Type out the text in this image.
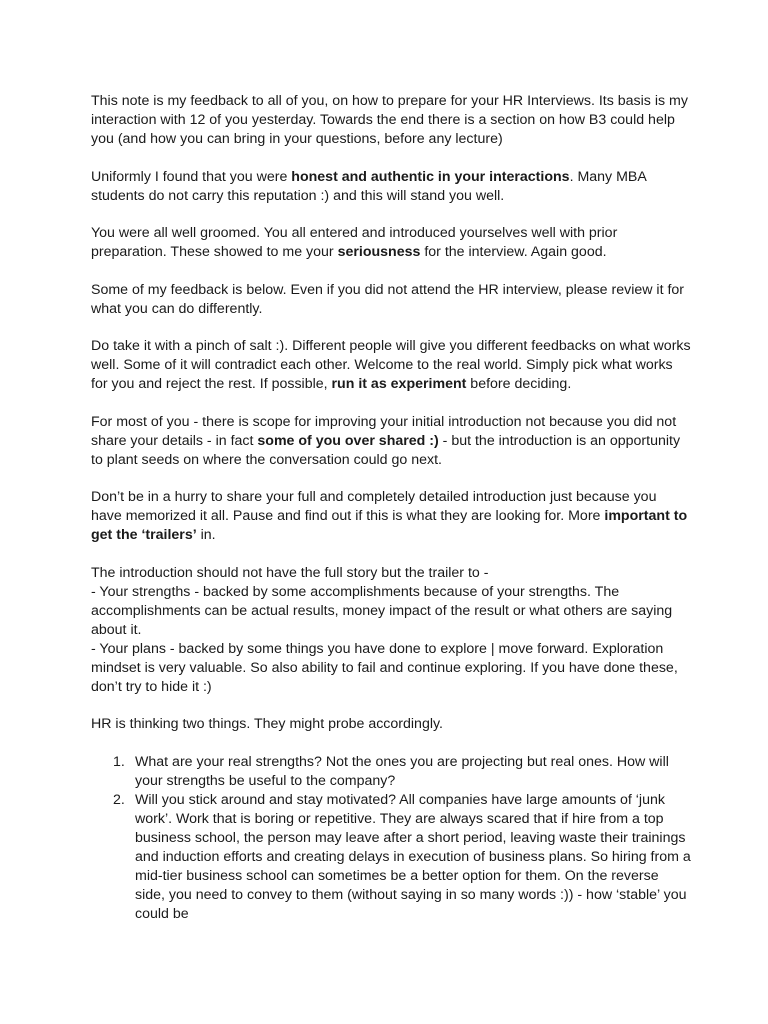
This note is my feedback to all of you, on how to prepare for your HR Interviews. Its basis is my interaction with 12 of you yesterday. Towards the end there is a section on how B3 could help you (and how you can bring in your questions, before any lecture)

Uniformly I found that you were honest and authentic in your interactions. Many MBA students do not carry this reputation :) and this will stand you well.

You were all well groomed. You all entered and introduced yourselves well with prior preparation. These showed to me your seriousness for the interview. Again good.

Some of my feedback is below. Even if you did not attend the HR interview, please review it for what you can do differently.

Do take it with a pinch of salt :). Different people will give you different feedbacks on what works well. Some of it will contradict each other. Welcome to the real world. Simply pick what works for you and reject the rest. If possible, run it as experiment before deciding.

For most of you - there is scope for improving your initial introduction not because you did not share your details - in fact some of you over shared :) - but the introduction is an opportunity to plant seeds on where the conversation could go next.

Don’t be in a hurry to share your full and completely detailed introduction just because you have memorized it all. Pause and find out if this is what they are looking for. More important to get the ‘trailers’ in.

The introduction should not have the full story but the trailer to -
- Your strengths - backed by some accomplishments because of your strengths. The accomplishments can be actual results, money impact of the result or what others are saying about it.
- Your plans - backed by some things you have done to explore | move forward. Exploration mindset is very valuable. So also ability to fail and continue exploring. If you have done these, don’t try to hide it :)

HR is thinking two things. They might probe accordingly.

1. What are your real strengths? Not the ones you are projecting but real ones. How will your strengths be useful to the company?
2. Will you stick around and stay motivated? All companies have large amounts of ‘junk work’. Work that is boring or repetitive. They are always scared that if hire from a top business school, the person may leave after a short period, leaving waste their trainings and induction efforts and creating delays in execution of business plans. So hiring from a mid-tier business school can sometimes be a better option for them. On the reverse side, you need to convey to them (without saying in so many words :)) - how ‘stable’ you could be
